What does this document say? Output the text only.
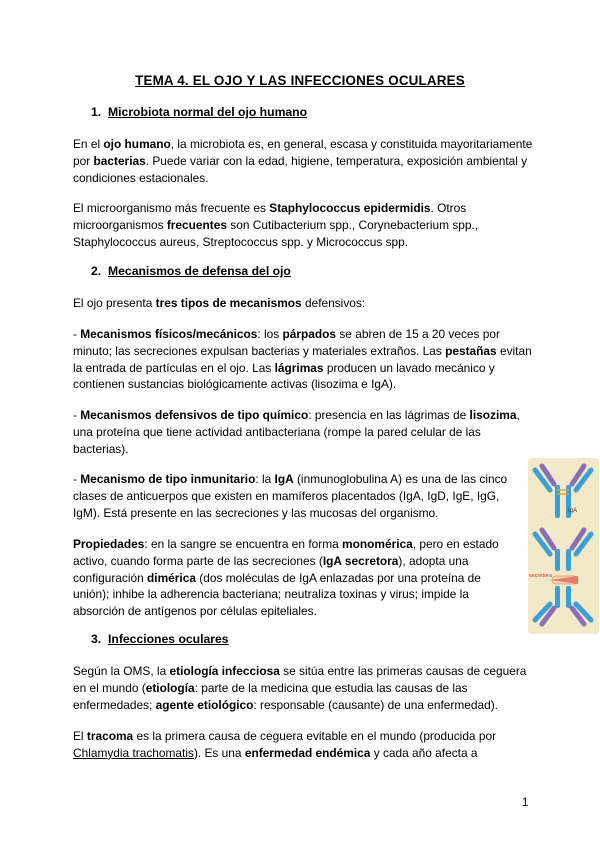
TEMA 4. EL OJO Y LAS INFECCIONES OCULARES
1. Microbiota normal del ojo humano

En el ojo humano, la microbiota es, en general, escasa y constituida mayoritariamente por bacterias. Puede variar con la edad, higiene, temperatura, exposición ambiental y condiciones estacionales.

El microorganismo más frecuente es Staphylococcus epidermidis. Otros microorganismos frecuentes son Cutibacterium spp., Corynebacterium spp., Staphylococcus aureus, Streptococcus spp. y Micrococcus spp.

2. Mecanismos de defensa del ojo

El ojo presenta tres tipos de mecanismos defensivos:

- Mecanismos físicos/mecánicos: los párpados se abren de 15 a 20 veces por minuto; las secreciones expulsan bacterias y materiales extraños. Las pestañas evitan la entrada de partículas en el ojo. Las lágrimas producen un lavado mecánico y contienen sustancias biológicamente activas (lisozima e IgA).

- Mecanismos defensivos de tipo químico: presencia en las lágrimas de lisozima, una proteína que tiene actividad antibacteriana (rompe la pared celular de las bacterias).

- Mecanismo de tipo inmunitario: la IgA (inmunoglobulina A) es una de las cinco clases de anticuerpos que existen en mamíferos placentados (IgA, IgD, IgE, IgG, IgM). Está presente en las secreciones y las mucosas del organismo.

Propiedades: en la sangre se encuentra en forma monomérica, pero en estado activo, cuando forma parte de las secreciones (IgA secretora), adopta una configuración dimérica (dos moléculas de IgA enlazadas por una proteína de unión); inhibe la adherencia bacteriana; neutraliza toxinas y virus; impide la absorción de antígenos por células epiteliales.

IgA
secretora
3. Infecciones oculares

Según la OMS, la etiología infecciosa se sitúa entre las primeras causas de ceguera en el mundo (etiología: parte de la medicina que estudia las causas de las enfermedades; agente etiológico: responsable (causante) de una enfermedad).

El tracoma es la primera causa de ceguera evitable en el mundo (producida por Chlamydia trachomatis). Es una enfermedad endémica y cada año afecta a

1
